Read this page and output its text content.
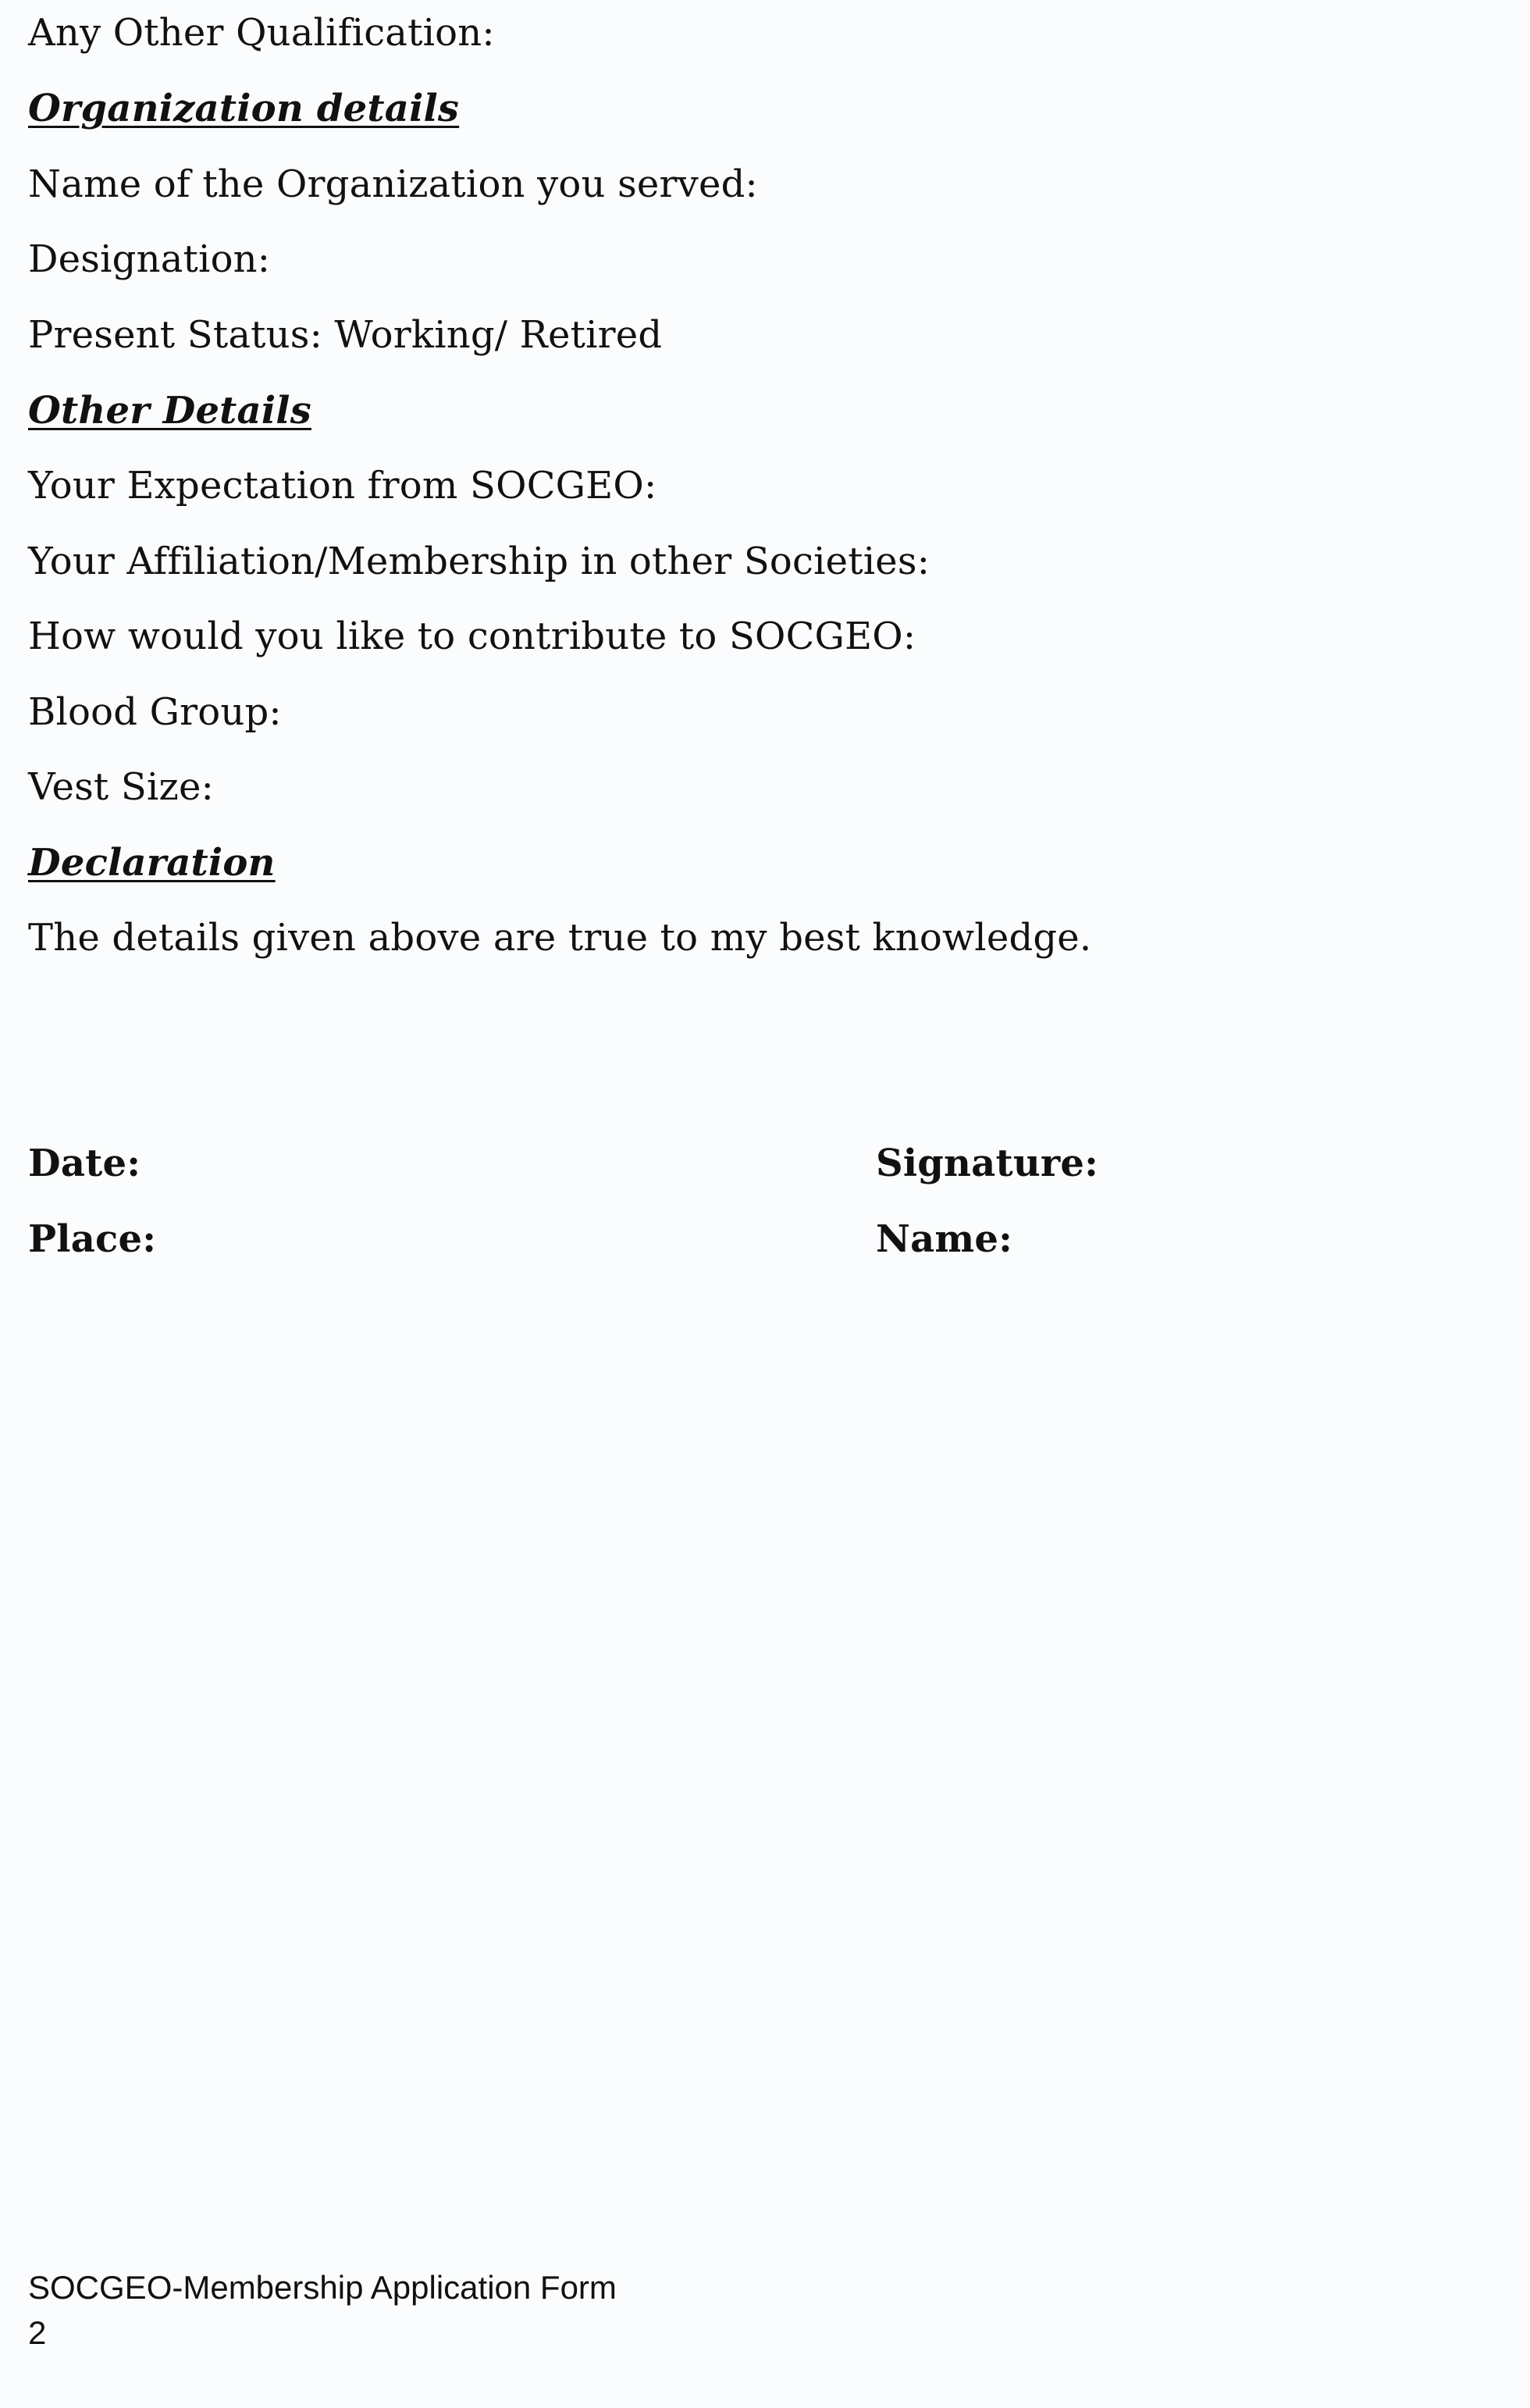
Any Other Qualification:
Organization details
Name of the Organization you served:
Designation:
Present Status: Working/ Retired
Other Details
Your Expectation from SOCGEO:
Your Affiliation/Membership in other Societies:
How would you like to contribute to SOCGEO:
Blood Group:
Vest Size:
Declaration
The details given above are true to my best knowledge.
Date:	Signature:
Place:	Name:
SOCGEO-Membership Application Form
2
